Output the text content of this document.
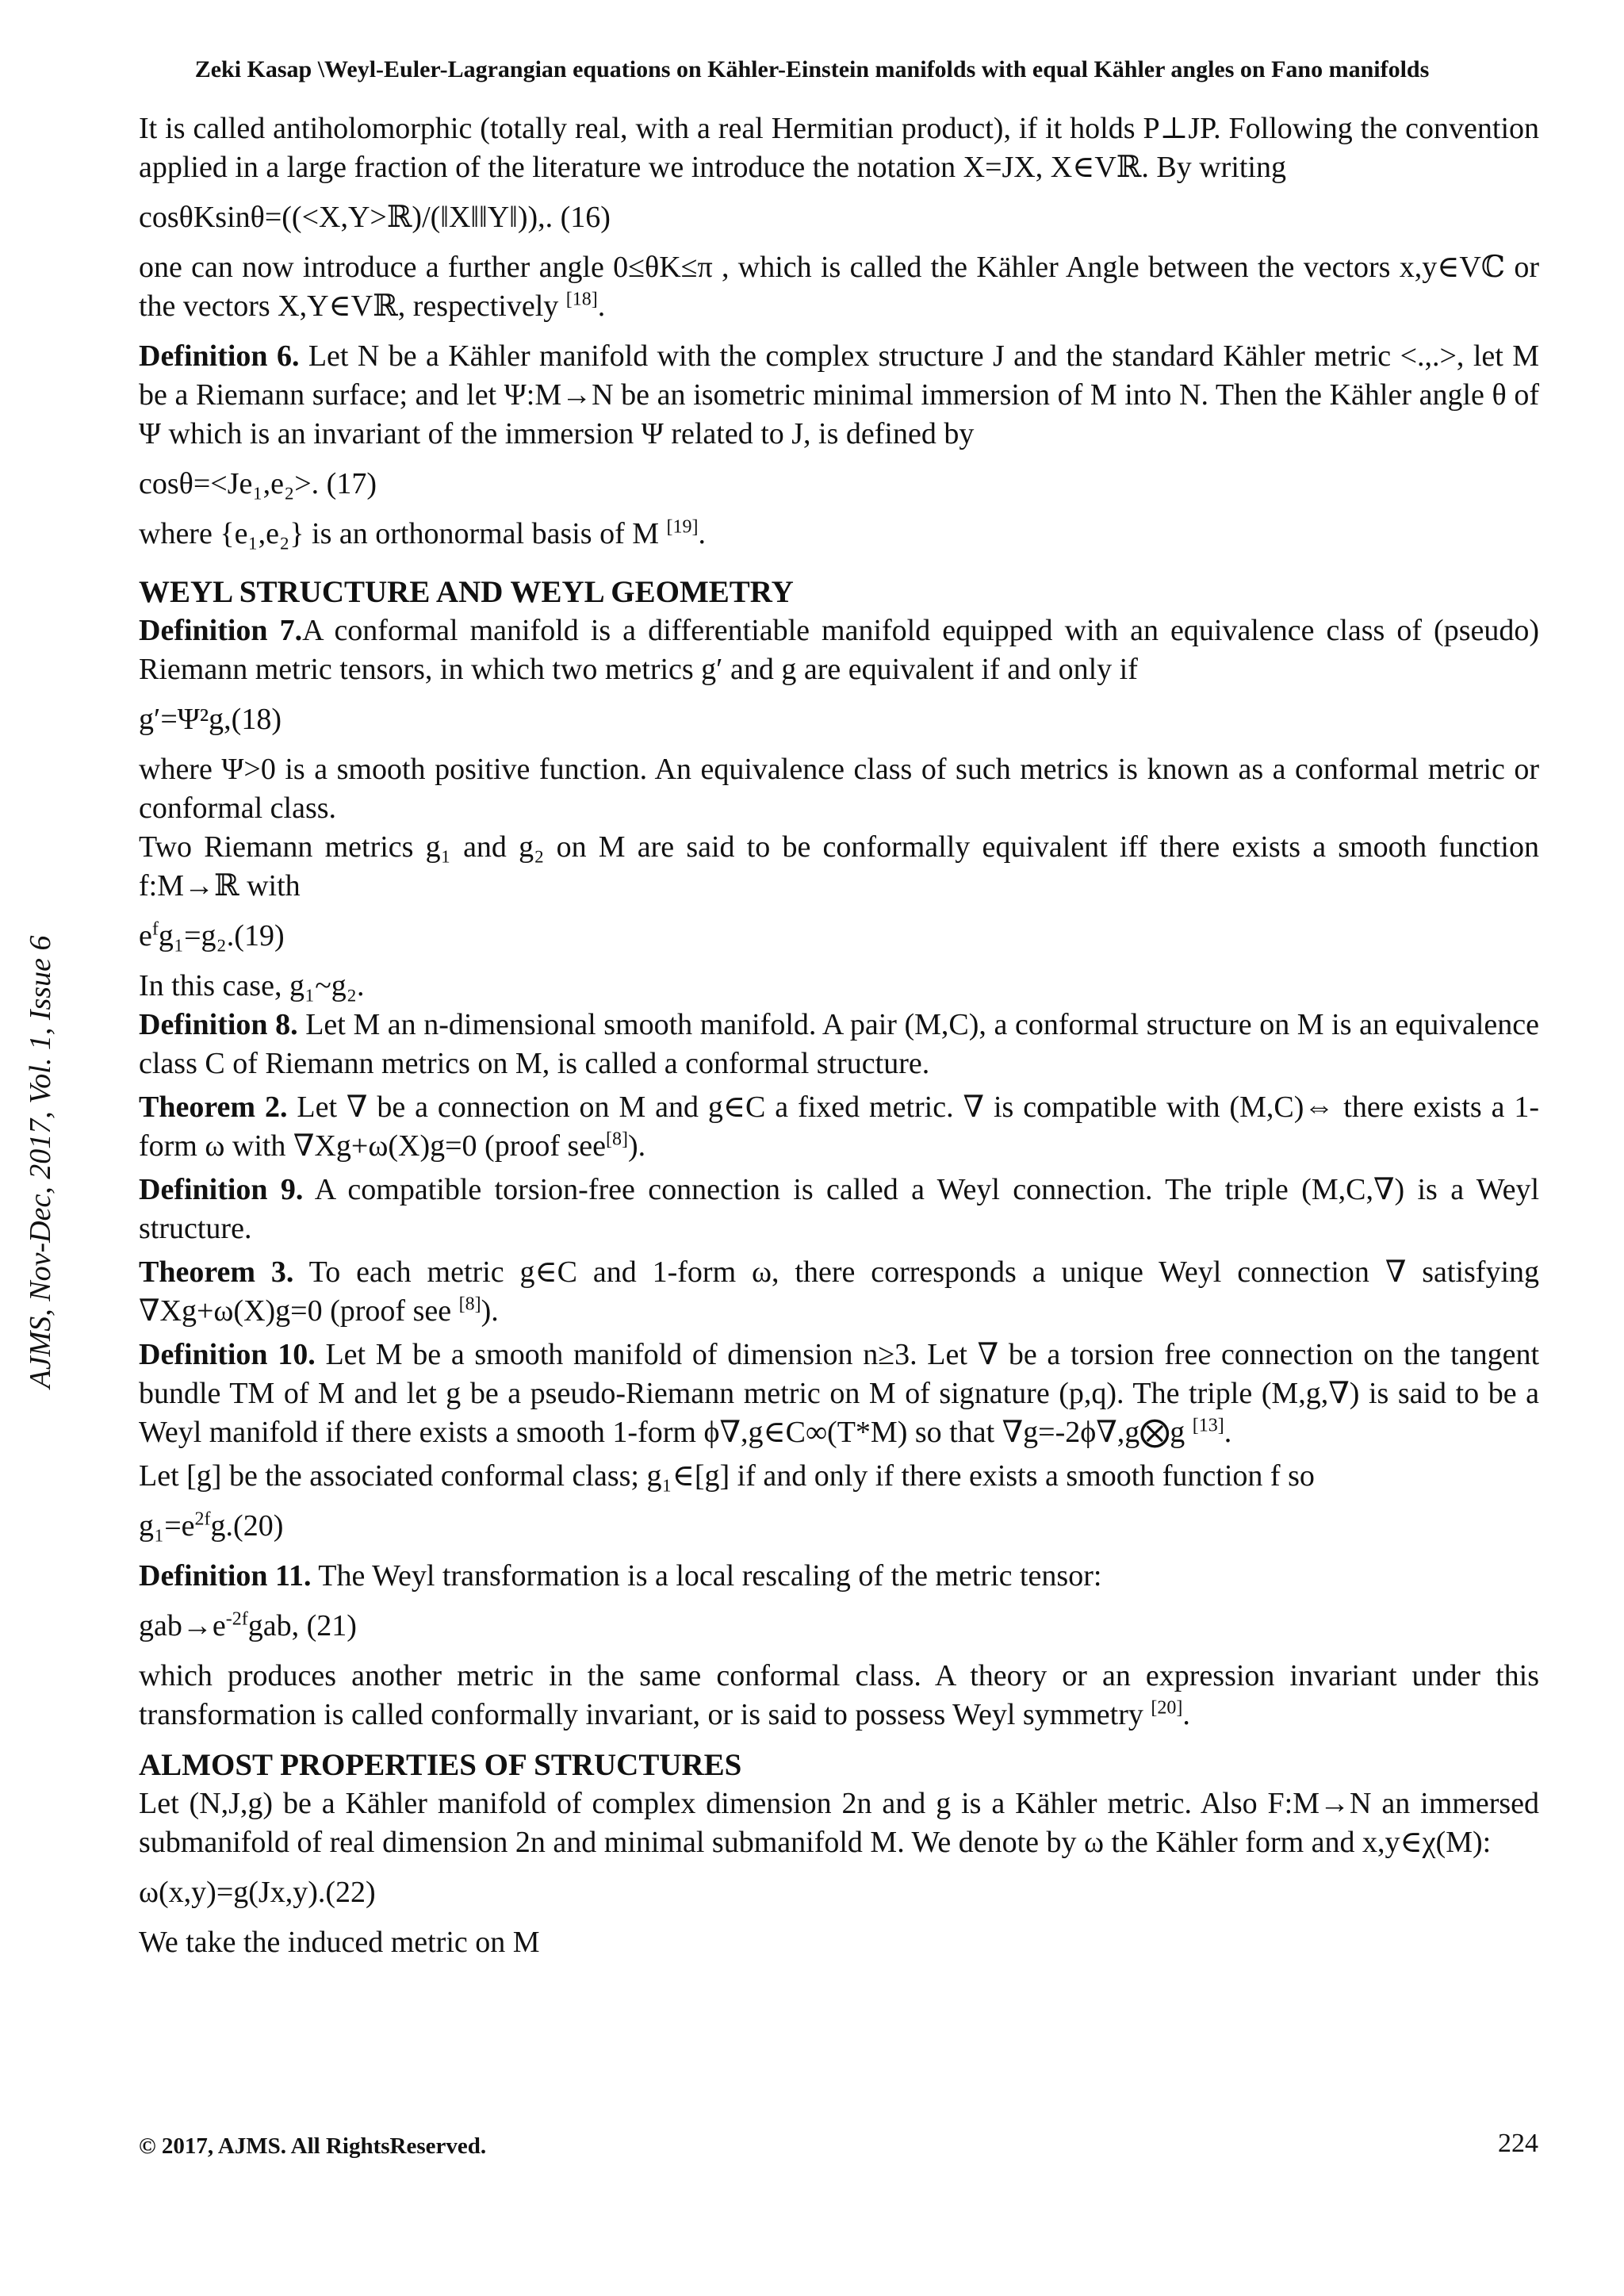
Zeki Kasap \Weyl-Euler-Lagrangian equations on Kähler-Einstein manifolds with equal Kähler angles on Fano manifolds
AJMS, Nov-Dec, 2017, Vol. 1, Issue 6

It is called antiholomorphic (totally real, with a real Hermitian product), if it holds P⊥JP. Following the convention applied in a large fraction of the literature we introduce the notation X=JX, X∈Vℝ. By writing

cosθKsinθ=((<X,Y>ℝ)/(‖X‖‖Y‖)),. (16)

one can now introduce a further angle 0≤θK≤π , which is called the Kähler Angle between the vectors x,y∈Vℂ or the vectors X,Y∈Vℝ, respectively [18].

Definition 6. Let N be a Kähler manifold with the complex structure J and the standard Kähler metric <.,.>, let M be a Riemann surface; and let Ψ:M→N be an isometric minimal immersion of M into N. Then the Kähler angle θ of Ψ which is an invariant of the immersion Ψ related to J, is defined by

cosθ=<Je₁,e₂>. (17)

where {e₁,e₂} is an orthonormal basis of M [19].

WEYL STRUCTURE AND WEYL GEOMETRY

Definition 7.A conformal manifold is a differentiable manifold equipped with an equivalence class of (pseudo) Riemann metric tensors, in which two metrics g′ and g are equivalent if and only if

g′=Ψ²g,(18)

where Ψ>0 is a smooth positive function. An equivalence class of such metrics is known as a conformal metric or conformal class.

Two Riemann metrics g₁ and g₂ on M are said to be conformally equivalent iff there exists a smooth function f:M→ℝ with

$e^fg_1=g_2.(19)$

In this case, g₁~g₂.

Definition 8. Let M an n-dimensional smooth manifold. A pair (M,C), a conformal structure on M is an equivalence class C of Riemann metrics on M, is called a conformal structure.

Theorem 2. Let ∇ be a connection on M and g∈C a fixed metric. ∇ is compatible with (M,C)⇔ there exists a 1-form ω with ∇Xg+ω(X)g=0 (proof see[8]).

Definition 9. A compatible torsion-free connection is called a Weyl connection. The triple (M,C,∇) is a Weyl structure.

Theorem 3. To each metric g∈C and 1-form ω, there corresponds a unique Weyl connection ∇ satisfying ∇Xg+ω(X)g=0 (proof see [8]).

Definition 10. Let M be a smooth manifold of dimension n≥3. Let ∇ be a torsion free connection on the tangent bundle TM of M and let g be a pseudo-Riemann metric on M of signature (p,q). The triple (M,g,∇) is said to be a Weyl manifold if there exists a smooth 1-form ϕ∇,g∈C∞(T*M) so that ∇g=-2ϕ∇,g⨂g [13].

Let [g] be the associated conformal class; g₁∈[g] if and only if there exists a smooth function f so

$g_1=e^{2f}g.(20)$

Definition 11. The Weyl transformation is a local rescaling of the metric tensor:

$gab\to e^{-2f}gab$, (21)

which produces another metric in the same conformal class. A theory or an expression invariant under this transformation is called conformally invariant, or is said to possess Weyl symmetry [20].

ALMOST PROPERTIES OF STRUCTURES

Let (N,J,g) be a Kähler manifold of complex dimension 2n and g is a Kähler metric. Also F:M→N an immersed submanifold of real dimension 2n and minimal submanifold M. We denote by ω the Kähler form and x,y∈χ(M):

ω(x,y)=g(Jx,y).(22)

We take the induced metric on M

© 2017, AJMS. All RightsReserved.	224
